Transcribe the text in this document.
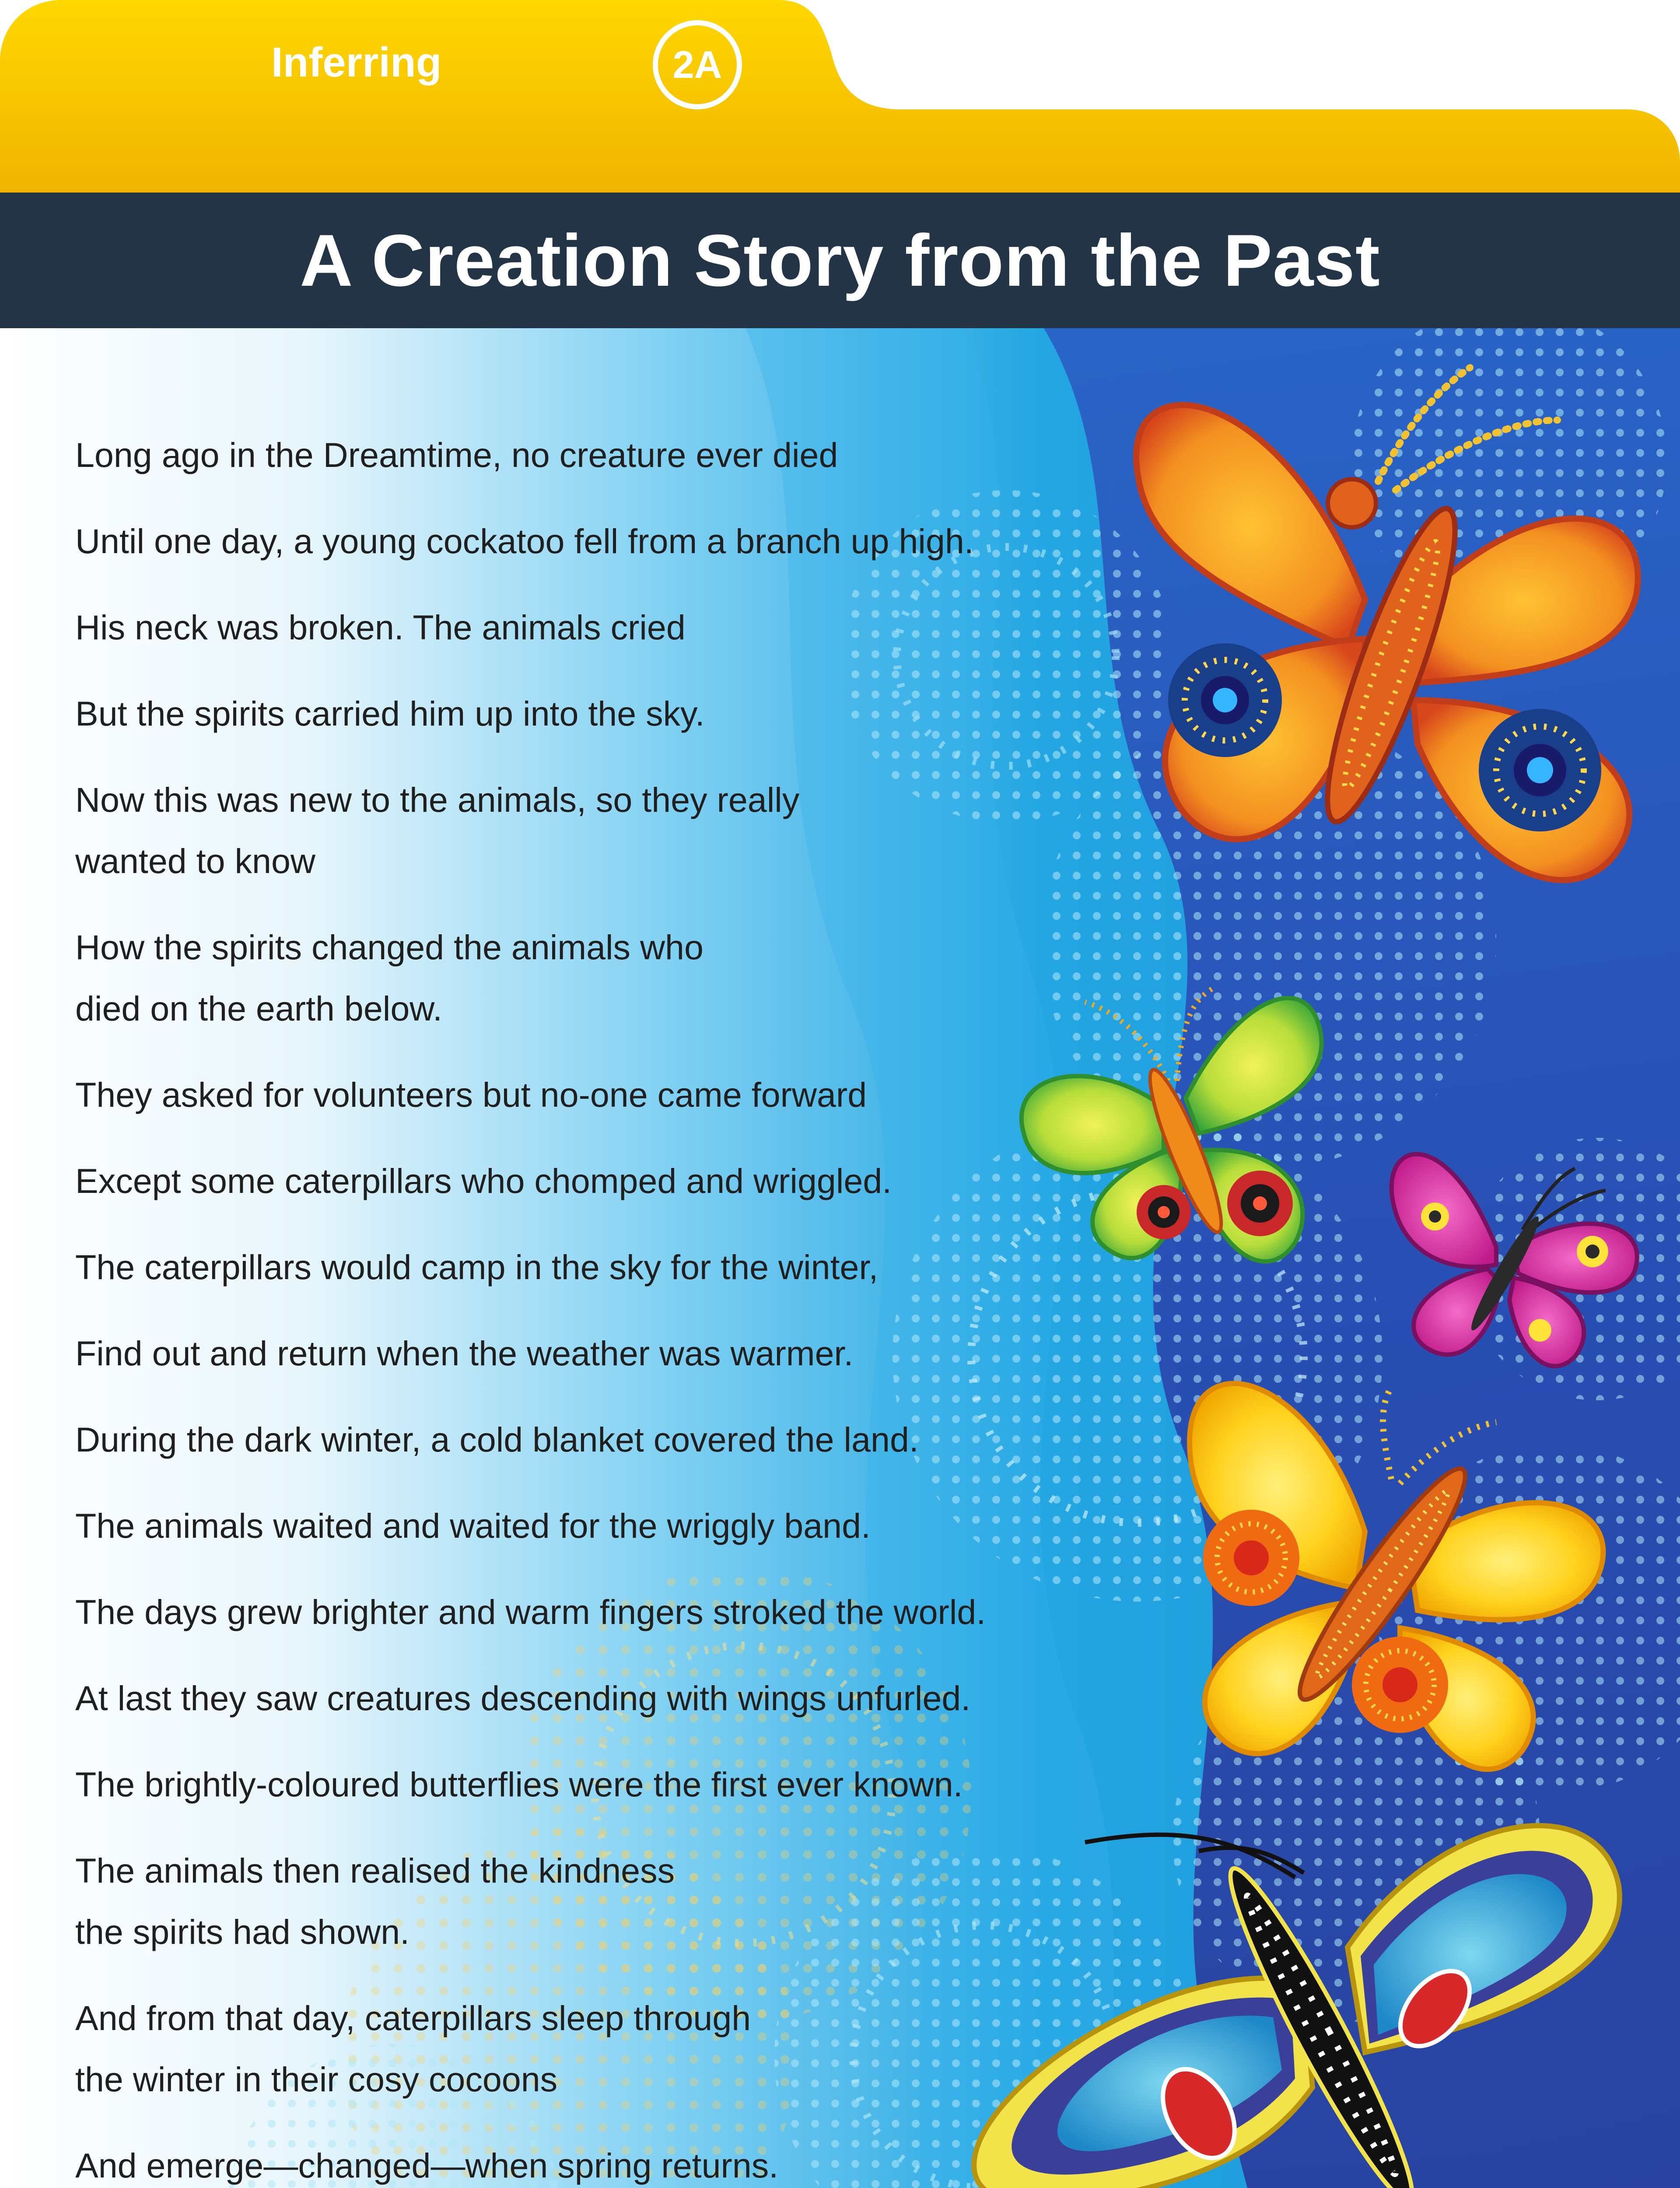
Inferring	2A
A Creation Story from the Past
Long ago in the Dreamtime, no creature ever died
Until one day, a young cockatoo fell from a branch up high.
His neck was broken. The animals cried
But the spirits carried him up into the sky.
Now this was new to the animals, so they really
wanted to know
How the spirits changed the animals who
died on the earth below.
They asked for volunteers but no-one came forward
Except some caterpillars who chomped and wriggled.
The caterpillars would camp in the sky for the winter,
Find out and return when the weather was warmer.
During the dark winter, a cold blanket covered the land.
The animals waited and waited for the wriggly band.
The days grew brighter and warm fingers stroked the world.
At last they saw creatures descending with wings unfurled.
The brightly-coloured butterflies were the first ever known.
The animals then realised the kindness
the spirits had shown.
And from that day, caterpillars sleep through
the winter in their cosy cocoons
And emerge—changed—when spring returns.
